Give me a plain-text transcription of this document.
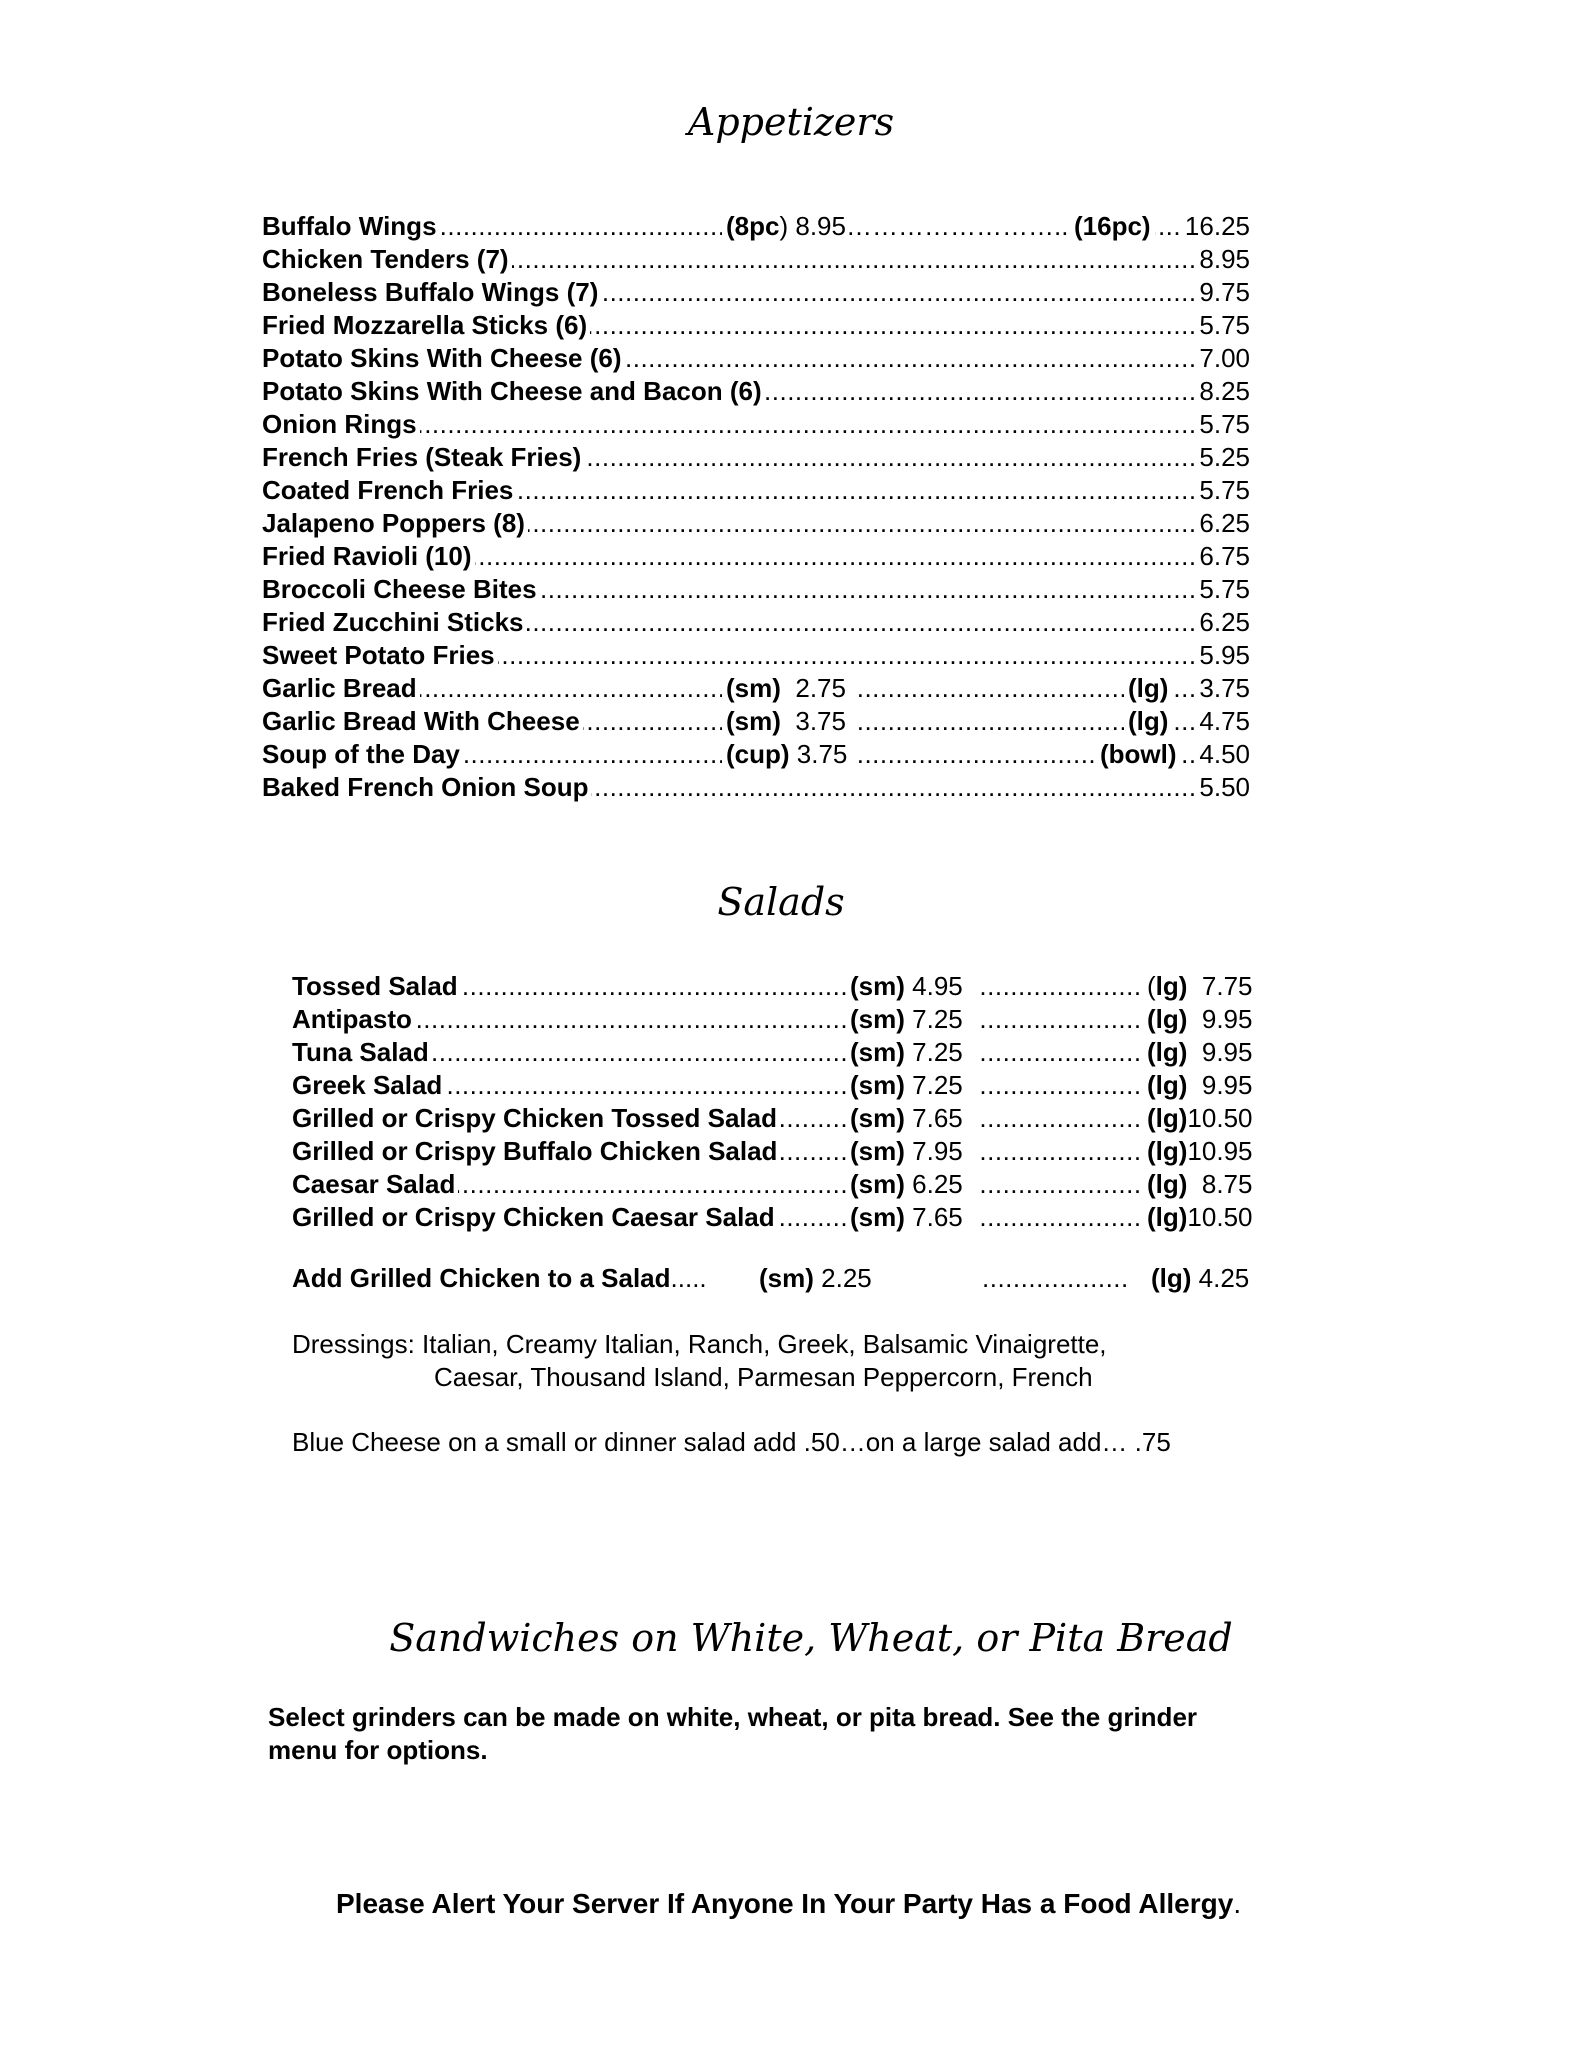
Appetizers
.....
Buffalo Wings	(8pc) 8.95…………………….. (16pc) 16.25
.....
Chicken Tenders (7)	8.95
.....
Boneless Buffalo Wings (7)	9.75
.....
Fried Mozzarella Sticks (6)	5.75
.....
Potato Skins With Cheese (6)	7.00
.....
Potato Skins With Cheese and Bacon (6)	8.25
.....
Onion Rings	5.75
.....
French Fries (Steak Fries)	5.25
.....
Coated French Fries	5.75
.....
Jalapeno Poppers (8)	6.25
.....
Fried Ravioli (10)	6.75
.....
Broccoli Cheese Bites	5.75
.....
Fried Zucchini Sticks	6.25
.....
Sweet Potato Fries	5.95
.....
Garlic Bread	(sm) 2.75	(lg) 3.75
.....
Garlic Bread With Cheese	(sm) 3.75	(lg) 4.75
.....
Soup of the Day	(cup) 3.75	(bowl) 4.50
.....
Baked French Onion Soup	5.50
Salads
.....
Tossed Salad	(sm) 4.95	(lg) 7.75
.....
Antipasto	(sm) 7.25	(lg) 9.95
.....
Tuna Salad	(sm) 7.25	(lg) 9.95
.....
Greek Salad	(sm) 7.25	(lg) 9.95
.....
Grilled or Crispy Chicken Tossed Salad	(sm) 7.65	(lg)10.50
.....
Grilled or Crispy Buffalo Chicken Salad	(sm) 7.95	(lg)10.95
.....
Caesar Salad	(sm) 6.25	(lg) 8.75
.....
Grilled or Crispy Chicken Caesar Salad	(sm) 7.65	(lg)10.50
.....
Add Grilled Chicken to a Salad..... (sm) 2.25	(lg) 4.25
Dressings: Italian, Creamy Italian, Ranch, Greek, Balsamic Vinaigrette,
Caesar, Thousand Island, Parmesan Peppercorn, French
Blue Cheese on a small or dinner salad add .50…on a large salad add… .75
Sandwiches on White, Wheat, or Pita Bread
Select grinders can be made on white, wheat, or pita bread. See the grinder
menu for options.
Please Alert Your Server If Anyone In Your Party Has a Food Allergy.
